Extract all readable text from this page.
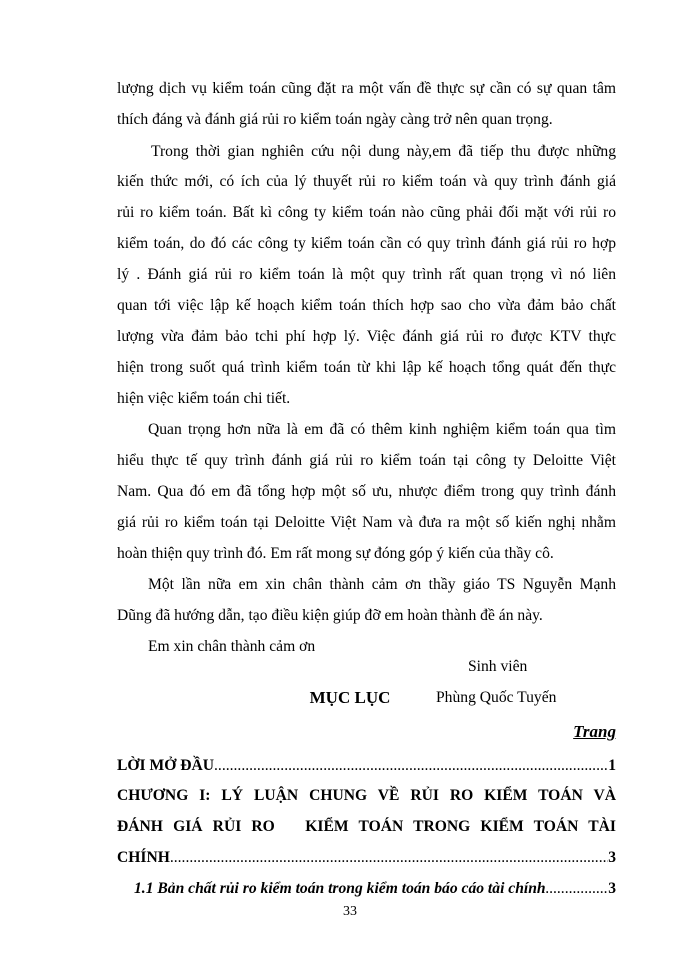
lượng dịch vụ kiểm toán cũng đặt ra một vấn đề thực sự cần có sự quan tâm
thích đáng và đánh giá rủi ro kiểm toán ngày càng trở nên quan trọng.
Trong thời gian nghiên cứu nội dung này,em đã tiếp thu được những
kiến thức mới, có ích của lý thuyết rủi ro kiểm toán và quy trình đánh giá
rủi ro kiểm toán. Bất kì công ty kiểm toán nào cũng phải đối mặt với rủi ro
kiểm toán, do đó các công ty kiểm toán cần có quy trình đánh giá rủi ro hợp
lý . Đánh giá rủi ro kiểm toán là một quy trình rất quan trọng vì nó liên
quan tới việc lập kế hoạch kiểm toán thích hợp sao cho vừa đảm bảo chất
lượng vừa đảm bảo tchi phí hợp lý. Việc đánh giá rủi ro được KTV thực
hiện trong suốt quá trình kiểm toán từ khi lập kế hoạch tổng quát đến thực
hiện việc kiểm toán chi tiết.
Quan trọng hơn nữa là em đã có thêm kinh nghiệm kiểm toán qua tìm
hiểu thực tế quy trình đánh giá rủi ro kiểm toán tại công ty Deloitte Việt
Nam. Qua đó em đã tổng hợp một số ưu, nhược điểm trong quy trình đánh
giá rủi ro kiểm toán tại Deloitte Việt Nam và đưa ra một số kiến nghị nhằm
hoàn thiện quy trình đó. Em rất mong sự đóng góp ý kiến của thầy cô.
Một lần nữa em xin chân thành cảm ơn thầy giáo TS Nguyễn Mạnh
Dũng đã hướng dẫn, tạo điều kiện giúp đỡ em hoàn thành đề án này.
Em xin chân thành cảm ơn
Sinh viên
Phùng Quốc Tuyến
MỤC LỤC
Trang
LỜI MỞ ĐẦU .....	1
CHƯƠNG I: LÝ LUẬN CHUNG VỀ RỦI RO KIỂM TOÁN VÀ
ĐÁNH GIÁ RỦI RO   KIỂM TOÁN TRONG KIỂM TOÁN TÀI
CHÍNH .....	3
1.1 Bản chất rủi ro kiểm toán trong kiểm toán báo cáo tài chính .....	3
33
